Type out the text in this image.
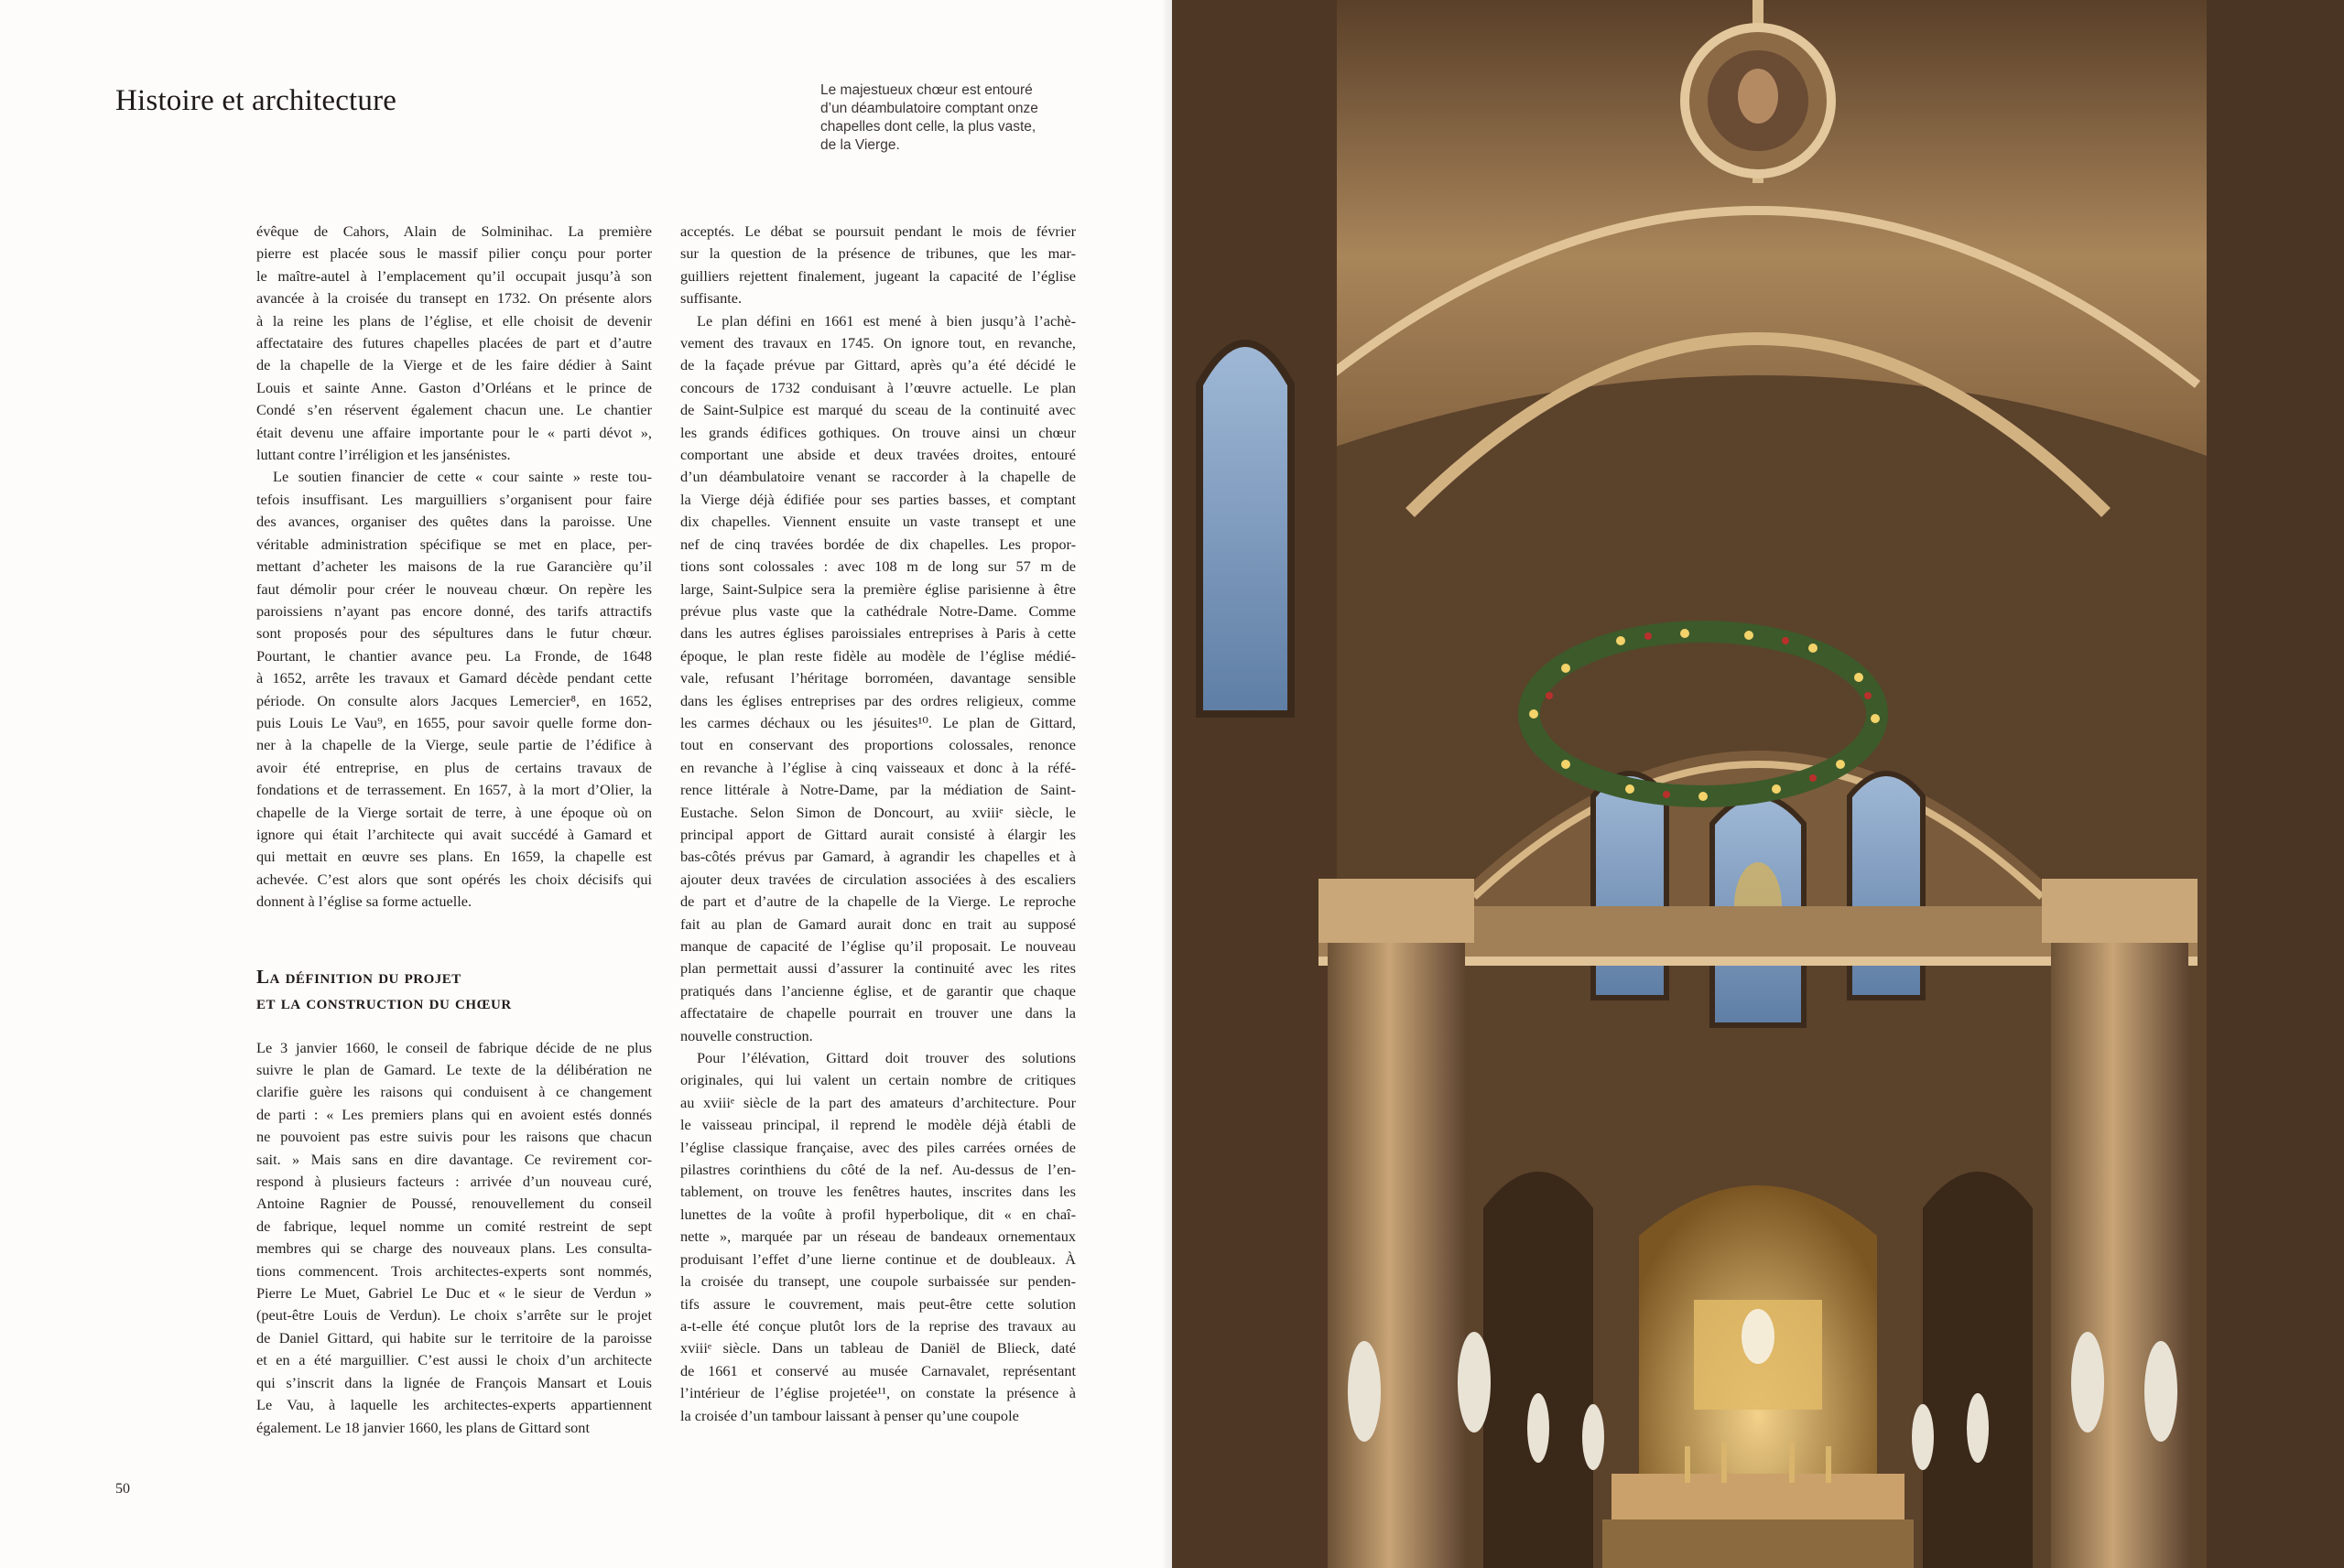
Histoire et architecture	Le majestueux chœur est entouré
d’un déambulatoire comptant onze
chapelles dont celle, la plus vaste,
de la Vierge.
évêque de Cahors, Alain de Solminihac. La première
pierre est placée sous le massif pilier conçu pour porter
le maître-autel à l’emplacement qu’il occupait jusqu’à son
avancée à la croisée du transept en 1732. On présente alors
à la reine les plans de l’église, et elle choisit de devenir
affectataire des futures chapelles placées de part et d’autre
de la chapelle de la Vierge et de les faire dédier à Saint
Louis et sainte Anne. Gaston d’Orléans et le prince de
Condé s’en réservent également chacun une. Le chantier
était devenu une affaire importante pour le « parti dévot »,
luttant contre l’irréligion et les jansénistes.
Le soutien financier de cette « cour sainte » reste tou-
tefois insuffisant. Les marguilliers s’organisent pour faire
des avances, organiser des quêtes dans la paroisse. Une
véritable administration spécifique se met en place, per-
mettant d’acheter les maisons de la rue Garancière qu’il
faut démolir pour créer le nouveau chœur. On repère les
paroissiens n’ayant pas encore donné, des tarifs attractifs
sont proposés pour des sépultures dans le futur chœur.
Pourtant, le chantier avance peu. La Fronde, de 1648
à 1652, arrête les travaux et Gamard décède pendant cette
période. On consulte alors Jacques Lemercier⁸, en 1652,
puis Louis Le Vau⁹, en 1655, pour savoir quelle forme don-
ner à la chapelle de la Vierge, seule partie de l’édifice à
avoir été entreprise, en plus de certains travaux de
fondations et de terrassement. En 1657, à la mort d’Olier, la
chapelle de la Vierge sortait de terre, à une époque où on
ignore qui était l’architecte qui avait succédé à Gamard et
qui mettait en œuvre ses plans. En 1659, la chapelle est
achevée. C’est alors que sont opérés les choix décisifs qui
donnent à l’église sa forme actuelle.
La définition du projet
et la construction du chœur
Le 3 janvier 1660, le conseil de fabrique décide de ne plus
suivre le plan de Gamard. Le texte de la délibération ne
clarifie guère les raisons qui conduisent à ce changement
de parti : « Les premiers plans qui en avoient estés donnés
ne pouvoient pas estre suivis pour les raisons que chacun
sait. » Mais sans en dire davantage. Ce revirement cor-
respond à plusieurs facteurs : arrivée d’un nouveau curé,
Antoine Ragnier de Poussé, renouvellement du conseil
de fabrique, lequel nomme un comité restreint de sept
membres qui se charge des nouveaux plans. Les consulta-
tions commencent. Trois architectes-experts sont nommés,
Pierre Le Muet, Gabriel Le Duc et « le sieur de Verdun »
(peut-être Louis de Verdun). Le choix s’arrête sur le projet
de Daniel Gittard, qui habite sur le territoire de la paroisse
et en a été marguillier. C’est aussi le choix d’un architecte
qui s’inscrit dans la lignée de François Mansart et Louis
Le Vau, à laquelle les architectes-experts appartiennent
également. Le 18 janvier 1660, les plans de Gittard sont
acceptés. Le débat se poursuit pendant le mois de février
sur la question de la présence de tribunes, que les mar-
guilliers rejettent finalement, jugeant la capacité de l’église
suffisante.
Le plan défini en 1661 est mené à bien jusqu’à l’achè-
vement des travaux en 1745. On ignore tout, en revanche,
de la façade prévue par Gittard, après qu’a été décidé le
concours de 1732 conduisant à l’œuvre actuelle. Le plan
de Saint-Sulpice est marqué du sceau de la continuité avec
les grands édifices gothiques. On trouve ainsi un chœur
comportant une abside et deux travées droites, entouré
d’un déambulatoire venant se raccorder à la chapelle de
la Vierge déjà édifiée pour ses parties basses, et comptant
dix chapelles. Viennent ensuite un vaste transept et une
nef de cinq travées bordée de dix chapelles. Les propor-
tions sont colossales : avec 108 m de long sur 57 m de
large, Saint-Sulpice sera la première église parisienne à être
prévue plus vaste que la cathédrale Notre-Dame. Comme
dans les autres églises paroissiales entreprises à Paris à cette
époque, le plan reste fidèle au modèle de l’église médié-
vale, refusant l’héritage borroméen, davantage sensible
dans les églises entreprises par des ordres religieux, comme
les carmes déchaux ou les jésuites¹⁰. Le plan de Gittard,
tout en conservant des proportions colossales, renonce
en revanche à l’église à cinq vaisseaux et donc à la réfé-
rence littérale à Notre-Dame, par la médiation de Saint-
Eustache. Selon Simon de Doncourt, au xviiiᵉ siècle, le
principal apport de Gittard aurait consisté à élargir les
bas-côtés prévus par Gamard, à agrandir les chapelles et à
ajouter deux travées de circulation associées à des escaliers
de part et d’autre de la chapelle de la Vierge. Le reproche
fait au plan de Gamard aurait donc en trait au supposé
manque de capacité de l’église qu’il proposait. Le nouveau
plan permettait aussi d’assurer la continuité avec les rites
pratiqués dans l’ancienne église, et de garantir que chaque
affectataire de chapelle pourrait en trouver une dans la
nouvelle construction.
Pour l’élévation, Gittard doit trouver des solutions
originales, qui lui valent un certain nombre de critiques
au xviiiᵉ siècle de la part des amateurs d’architecture. Pour
le vaisseau principal, il reprend le modèle déjà établi de
l’église classique française, avec des piles carrées ornées de
pilastres corinthiens du côté de la nef. Au-dessus de l’en-
tablement, on trouve les fenêtres hautes, inscrites dans les
lunettes de la voûte à profil hyperbolique, dit « en chaî-
nette », marquée par un réseau de bandeaux ornementaux
produisant l’effet d’une lierne continue et de doubleaux. À
la croisée du transept, une coupole surbaissée sur penden-
tifs assure le couvrement, mais peut-être cette solution
a-t-elle été conçue plutôt lors de la reprise des travaux au
xviiiᵉ siècle. Dans un tableau de Daniël de Blieck, daté
de 1661 et conservé au musée Carnavalet, représentant
l’intérieur de l’église projetée¹¹, on constate la présence à
la croisée d’un tambour laissant à penser qu’une coupole
50
